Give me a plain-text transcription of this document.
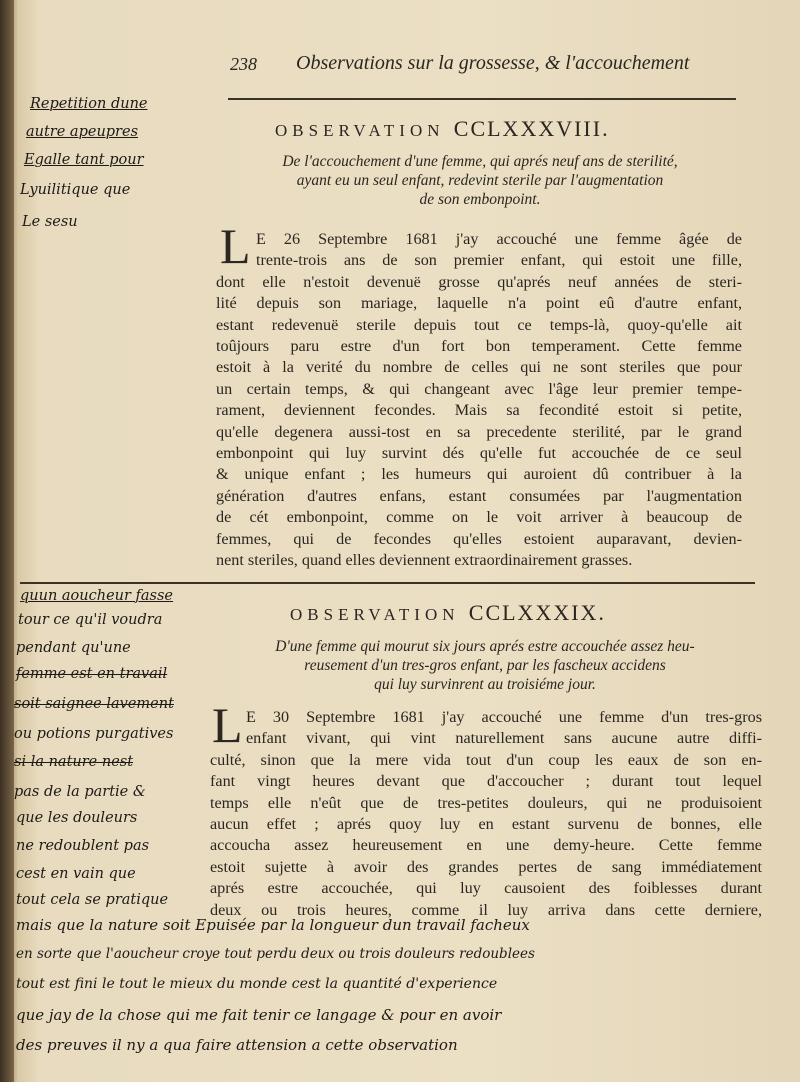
238 Observations sur la grossesse, & l'accouchement
OBSERVATION CCLXXXVIII.
De l'accouchement d'une femme, qui aprés neuf ans de sterilité,
ayant eu un seul enfant, redevint sterile par l'augmentation
de son embonpoint.
L E 26 Septembre 1681 j'ay accouché une femme âgée de
trente-trois ans de son premier enfant, qui estoit une fille,
dont elle n'estoit devenuë grosse qu'aprés neuf années de steri-
lité depuis son mariage, laquelle n'a point eû d'autre enfant,
estant redevenuë sterile depuis tout ce temps-là, quoy-qu'elle ait
toûjours paru estre d'un fort bon temperament. Cette femme
estoit à la verité du nombre de celles qui ne sont steriles que pour
un certain temps, & qui changeant avec l'âge leur premier tempe-
rament, deviennent fecondes. Mais sa fecondité estoit si petite,
qu'elle degenera aussi-tost en sa precedente sterilité, par le grand
embonpoint qui luy survint dés qu'elle fut accouchée de ce seul
& unique enfant ; les humeurs qui auroient dû contribuer à la
génération d'autres enfans, estant consumées par l'augmentation
de cét embonpoint, comme on le voit arriver à beaucoup de
femmes, qui de fecondes qu'elles estoient auparavant, devien-
nent steriles, quand elles deviennent extraordinairement grasses.
OBSERVATION CCLXXXIX.
D'une femme qui mourut six jours aprés estre accouchée assez heu-
reusement d'un tres-gros enfant, par les fascheux accidens
qui luy survinrent au troisiéme jour.
L E 30 Septembre 1681 j'ay accouché une femme d'un tres-gros
enfant vivant, qui vint naturellement sans aucune autre diffi-
culté, sinon que la mere vida tout d'un coup les eaux de son en-
fant vingt heures devant que d'accoucher ; durant tout lequel
temps elle n'eût que de tres-petites douleurs, qui ne produisoient
aucun effet ; aprés quoy luy en estant survenu de bonnes, elle
accoucha assez heureusement en une demy-heure. Cette femme
estoit sujette à avoir des grandes pertes de sang immédiatement
aprés estre accouchée, qui luy causoient des foiblesses durant
deux ou trois heures, comme il luy arriva dans cette derniere,
Repetition dune
autre apeupres
Egalle tant pour
Lyuilitique que
Le sesu
quun aoucheur fasse
tour ce qu'il voudra
pendant qu'une
femme est en travail
soit saignee lavement
ou potions purgatives
si la nature nest
pas de la partie &
que les douleurs
ne redoublent pas
cest en vain que
tout cela se pratique
mais que la nature soit Epuisée par la longueur dun travail facheux
en sorte que l'aoucheur croye tout perdu deux ou trois douleurs redoublees
tout est fini le tout le mieux du monde cest la quantité d'experience
que jay de la chose qui me fait tenir ce langage & pour en avoir
des preuves il ny a qua faire attension a cette observation
